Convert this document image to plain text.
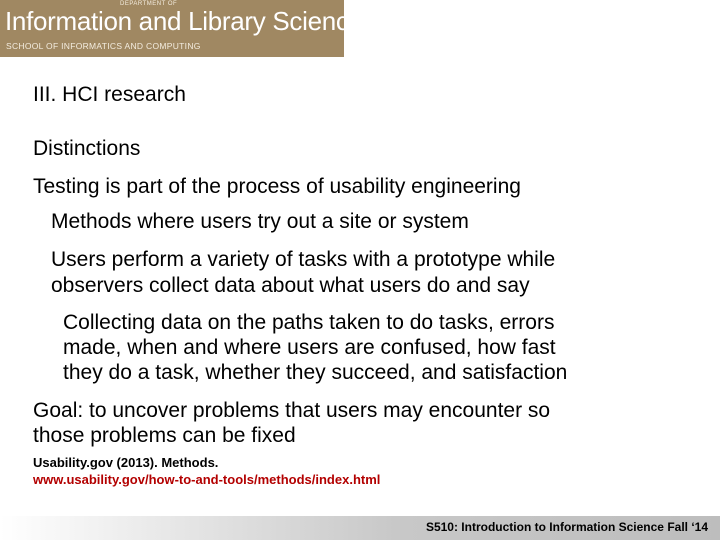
DEPARTMENT OF
Information and Library Science
SCHOOL OF INFORMATICS AND COMPUTING
III. HCI research
Distinctions
Testing is part of the process of usability engineering
Methods where users try out a site or system
Users perform a variety of tasks with a prototype while
observers collect data about what users do and say
Collecting data on the paths taken to do tasks, errors
made, when and where users are confused, how fast
they do a task, whether they succeed, and satisfaction
Goal: to uncover problems that users may encounter so
those problems can be fixed
Usability.gov (2013). Methods.
www.usability.gov/how-to-and-tools/methods/index.html
S510: Introduction to Information Science Fall ‘14
